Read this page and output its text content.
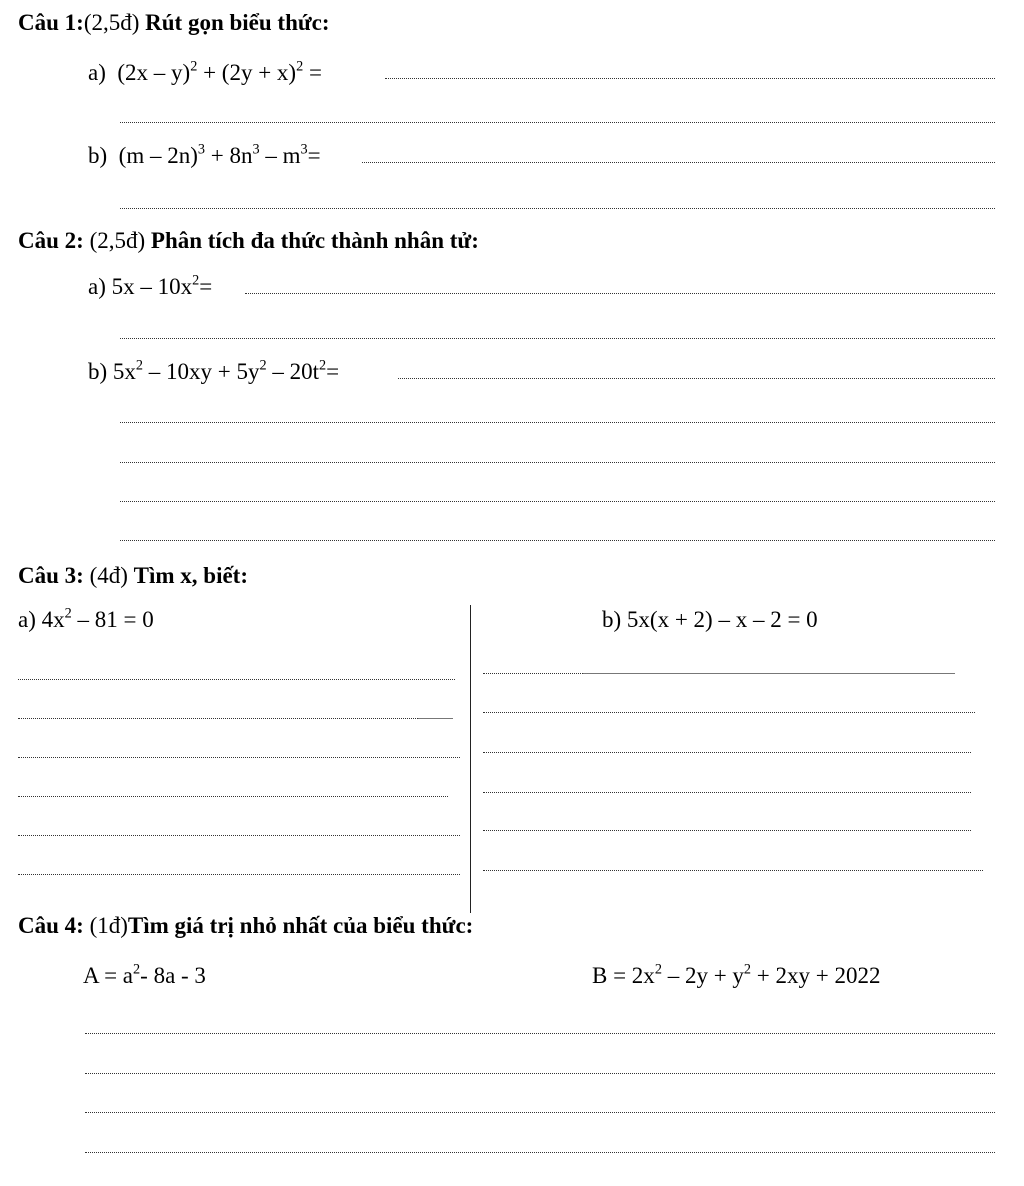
Câu 1:(2,5đ) Rút gọn biểu thức:
a) $(2x - y)^2 + (2y + x)^2$ =
b) $(m - 2n)^3 + 8n^3 - m^3=$
Câu 2: (2,5đ) Phân tích đa thức thành nhân tử:
a) $5x - 10x^2=$
b) $5x^2 - 10xy + 5y^2 - 20t^2=$
Câu 3: (4đ) Tìm x, biết:
a) $4x^2 - 81 = 0$	b) 5x(x + 2) – x – 2 = 0
Câu 4: (1đ)Tìm giá trị nhỏ nhất của biểu thức:
$A = a^2-$ 8a - 3	$B = 2x^2 - 2y + y^2 + 2xy + 2022$
